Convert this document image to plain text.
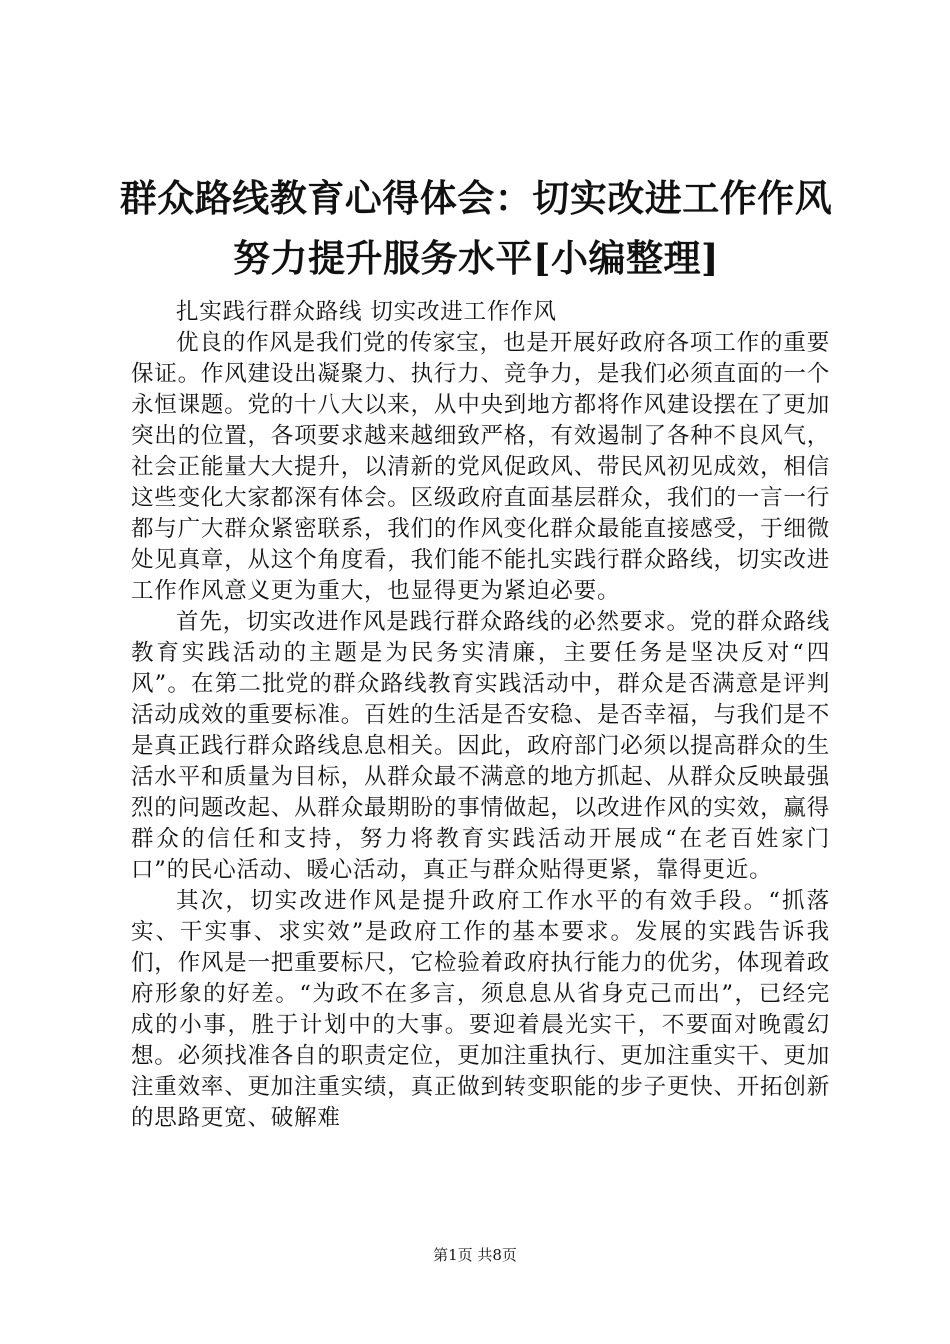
群众路线教育心得体会：切实改进工作作风努力提升服务水平[小编整理]

扎实践行群众路线 切实改进工作作风

优良的作风是我们党的传家宝，也是开展好政府各项工作的重要保证。作风建设出凝聚力、执行力、竞争力，是我们必须直面的一个永恒课题。党的十八大以来，从中央到地方都将作风建设摆在了更加突出的位置，各项要求越来越细致严格，有效遏制了各种不良风气，社会正能量大大提升，以清新的党风促政风、带民风初见成效，相信这些变化大家都深有体会。区级政府直面基层群众，我们的一言一行都与广大群众紧密联系，我们的作风变化群众最能直接感受，于细微处见真章，从这个角度看，我们能不能扎实践行群众路线，切实改进工作作风意义更为重大，也显得更为紧迫必要。

首先，切实改进作风是践行群众路线的必然要求。党的群众路线教育实践活动的主题是为民务实清廉，主要任务是坚决反对“四风”。在第二批党的群众路线教育实践活动中，群众是否满意是评判活动成效的重要标准。百姓的生活是否安稳、是否幸福，与我们是不是真正践行群众路线息息相关。因此，政府部门必须以提高群众的生活水平和质量为目标，从群众最不满意的地方抓起、从群众反映最强烈的问题改起、从群众最期盼的事情做起，以改进作风的实效，赢得群众的信任和支持，努力将教育实践活动开展成“在老百姓家门口”的民心活动、暖心活动，真正与群众贴得更紧，靠得更近。

其次，切实改进作风是提升政府工作水平的有效手段。“抓落实、干实事、求实效”是政府工作的基本要求。发展的实践告诉我们，作风是一把重要标尺，它检验着政府执行能力的优劣，体现着政府形象的好差。“为政不在多言，须息息从省身克己而出”，已经完成的小事，胜于计划中的大事。要迎着晨光实干，不要面对晚霞幻想。必须找准各自的职责定位，更加注重执行、更加注重实干、更加注重效率、更加注重实绩，真正做到转变职能的步子更快、开拓创新的思路更宽、破解难

第1页 共8页
